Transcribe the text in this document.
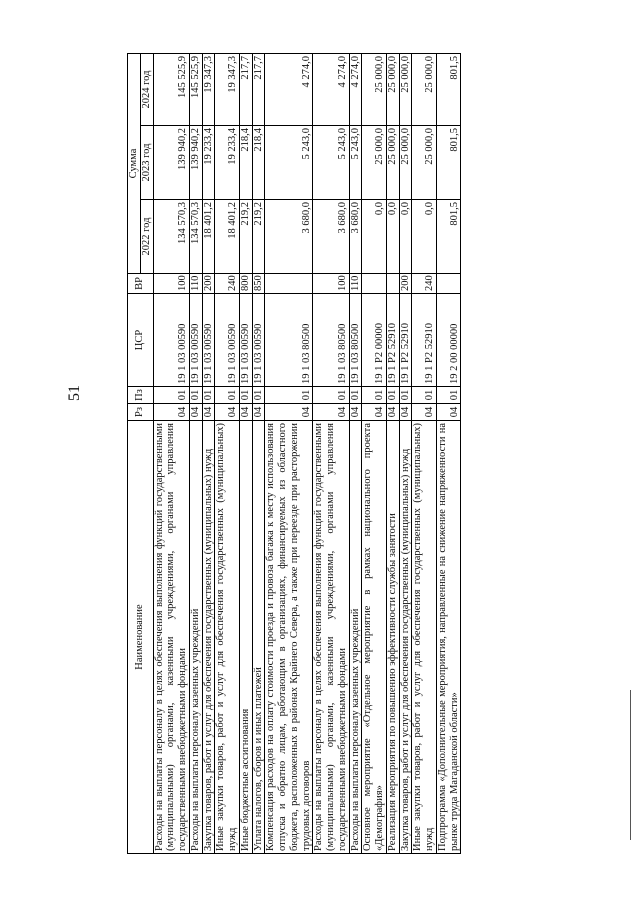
51
Наименование	Рз	Пз	ЦСР	ВР	Сумма		
					2022 год	2023 год	2024 год
Расходы на выплаты персоналу в целях обеспечения выполнения функций государственными (муниципальными) органами, казенными учреждениями, органами управления государственными внебюджетными фондами	04	01	19 1 03 00590	100	134 570,3	139 940,2	145 525,9
Расходы на выплаты персоналу казенных учреждений	04	01	19 1 03 00590	110	134 570,3	139 940,2	145 525,9
Закупка товаров, работ и услуг для обеспечения государственных (муниципальных) нужд	04	01	19 1 03 00590	200	18 401,2	19 233,4	19 347,3
Иные закупки товаров, работ и услуг для обеспечения государственных (муниципальных) нужд	04	01	19 1 03 00590	240	18 401,2	19 233,4	19 347,3
Иные бюджетные ассигнования	04	01	19 1 03 00590	800	219,2	218,4	217,7
Уплата налогов, сборов и иных платежей	04	01	19 1 03 00590	850	219,2	218,4	217,7
Компенсация расходов на оплату стоимости проезда и провоза багажа к месту использования отпуска и обратно лицам, работающим в организациях, финансируемых из областного бюджета, расположенных в районах Крайнего Севера, а также при переезде при расторжении трудовых договоров	04	01	19 1 03 80500		3 680,0	5 243,0	4 274,0
Расходы на выплаты персоналу в целях обеспечения выполнения функций государственными (муниципальными) органами, казенными учреждениями, органами управления государственными внебюджетными фондами	04	01	19 1 03 80500	100	3 680,0	5 243,0	4 274,0
Расходы на выплаты персоналу казенных учреждений	04	01	19 1 03 80500	110	3 680,0	5 243,0	4 274,0
Основное мероприятие «Отдельное мероприятие в рамках национального проекта «Демография»	04	01	19 1 P2 00000		0,0	25 000,0	25 000,0
Реализация мероприятия по повышению эффективности службы занятости	04	01	19 1 P2 52910		0,0	25 000,0	25 000,0
Закупка товаров, работ и услуг для обеспечения государственных (муниципальных) нужд	04	01	19 1 P2 52910	200	0,0	25 000,0	25 000,0
Иные закупки товаров, работ и услуг для обеспечения государственных (муниципальных) нужд	04	01	19 1 P2 52910	240	0,0	25 000,0	25 000,0
Подпрограмма «Дополнительные мероприятия, направленные на снижение напряженности на рынке труда Магаданской области»	04	01	19 2 00 00000		801,5	801,5	801,5
